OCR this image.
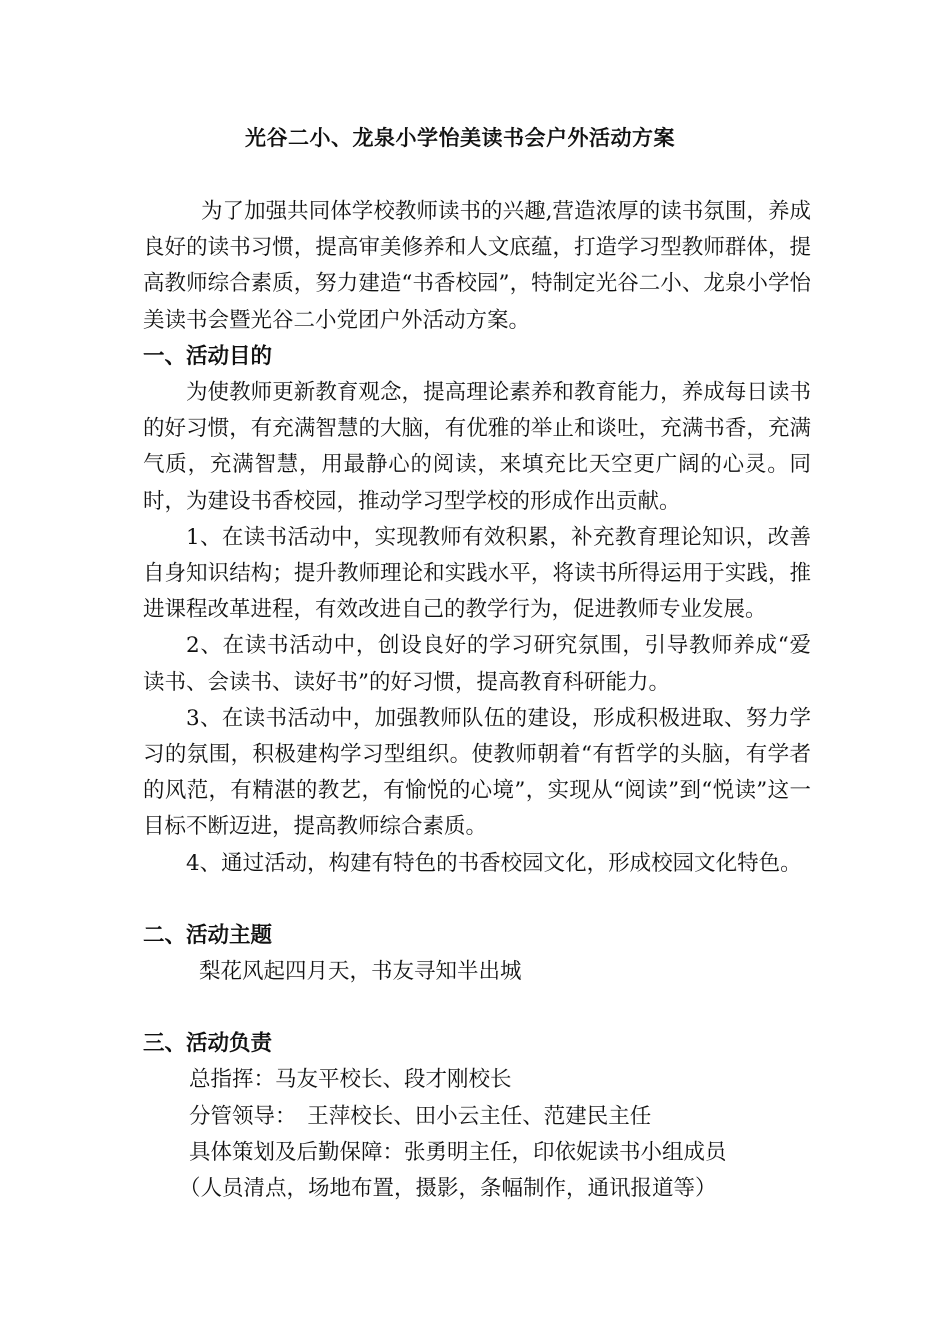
光谷二小、龙泉小学怡美读书会户外活动方案

为了加强共同体学校教师读书的兴趣,营造浓厚的读书氛围，养成良好的读书习惯，提高审美修养和人文底蕴，打造学习型教师群体，提高教师综合素质，努力建造“书香校园”，特制定光谷二小、龙泉小学怡美读书会暨光谷二小党团户外活动方案。

一、活动目的

为使教师更新教育观念，提高理论素养和教育能力，养成每日读书的好习惯，有充满智慧的大脑，有优雅的举止和谈吐，充满书香，充满气质，充满智慧，用最静心的阅读，来填充比天空更广阔的心灵。同时，为建设书香校园，推动学习型学校的形成作出贡献。

1、在读书活动中，实现教师有效积累，补充教育理论知识，改善自身知识结构；提升教师理论和实践水平，将读书所得运用于实践，推进课程改革进程，有效改进自己的教学行为，促进教师专业发展。

2、在读书活动中，创设良好的学习研究氛围，引导教师养成“爱读书、会读书、读好书”的好习惯，提高教育科研能力。

3、在读书活动中，加强教师队伍的建设，形成积极进取、努力学习的氛围，积极建构学习型组织。使教师朝着“有哲学的头脑，有学者的风范，有精湛的教艺，有愉悦的心境”，实现从“阅读”到“悦读”这一目标不断迈进，提高教师综合素质。

4、通过活动，构建有特色的书香校园文化，形成校园文化特色。

二、活动主题

梨花风起四月天，书友寻知半出城

三、活动负责

总指挥：马友平校长、段才刚校长

分管领导：　王萍校长、田小云主任、范建民主任

具体策划及后勤保障：张勇明主任，印依妮读书小组成员

（人员清点，场地布置，摄影，条幅制作，通讯报道等）
